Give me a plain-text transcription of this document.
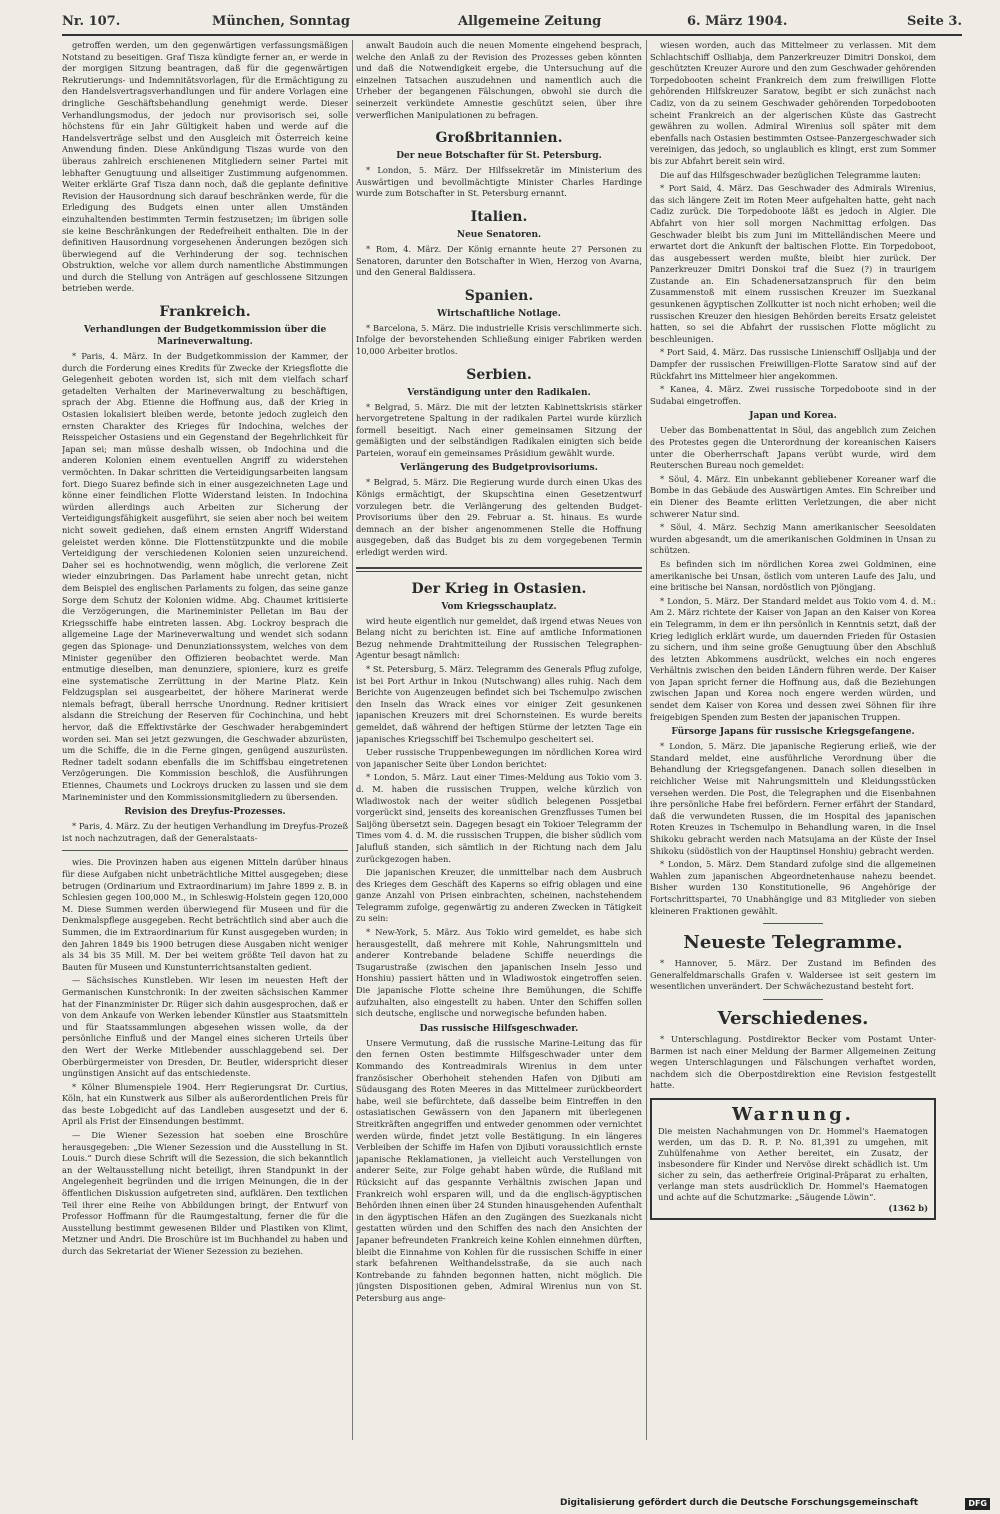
Nr. 107.	München, Sonntag	Allgemeine Zeitung	6. März 1904.	Seite 3.

getroffen werden, um den gegenwärtigen verfassungsmäßigen Notstand zu beseitigen. Graf Tisza kündigte ferner an, er werde in der morgigen Sitzung beantragen, daß für die gegenwärtigen Rekrutierungs- und Indemnitätsvorlagen, für die Ermächtigung zu den Handelsvertragsverhandlungen und für andere Vorlagen eine dringliche Geschäftsbehandlung genehmigt werde. Dieser Verhandlungsmodus, der jedoch nur provisorisch sei, solle höchstens für ein Jahr Gültigkeit haben und werde auf die Handelsverträge selbst und den Ausgleich mit Österreich keine Anwendung finden. Diese Ankündigung Tiszas wurde von den überaus zahlreich erschienenen Mitgliedern seiner Partei mit lebhafter Genugtuung und allseitiger Zustimmung aufgenommen. Weiter erklärte Graf Tisza dann noch, daß die geplante definitive Revision der Hausordnung sich darauf beschränken werde, für die Erledigung des Budgets einen unter allen Umständen einzuhaltenden bestimmten Termin festzusetzen; im übrigen solle sie keine Beschränkungen der Redefreiheit enthalten. Die in der definitiven Hausordnung vorgesehenen Änderungen bezögen sich überwiegend auf die Verhinderung der sog. technischen Obstruktion, welche vor allem durch namentliche Abstimmungen und durch die Stellung von Anträgen auf geschlossene Sitzungen betrieben werde.

Frankreich.
Verhandlungen der Budgetkommission über die Marineverwaltung.

* Paris, 4. März. In der Budgetkommission der Kammer, der durch die Forderung eines Kredits für Zwecke der Kriegsflotte die Gelegenheit geboten worden ist, sich mit dem vielfach scharf getadelten Verhalten der Marineverwaltung zu beschäftigen, sprach der Abg. Etienne die Hoffnung aus, daß der Krieg in Ostasien lokalisiert bleiben werde, betonte jedoch zugleich den ernsten Charakter des Krieges für Indochina, welches der Reisspeicher Ostasiens und ein Gegenstand der Begehrlichkeit für Japan sei; man müsse deshalb wissen, ob Indochina und die anderen Kolonien einem eventuellen Angriff zu widerstehen vermöchten. In Dakar schritten die Verteidigungsarbeiten langsam fort. Diego Suarez befinde sich in einer ausgezeichneten Lage und könne einer feindlichen Flotte Widerstand leisten. In Indochina würden allerdings auch Arbeiten zur Sicherung der Verteidigungsfähigkeit ausgeführt, sie seien aber noch bei weitem nicht soweit gediehen, daß einem ernsten Angriff Widerstand geleistet werden könne. Die Flottenstützpunkte und die mobile Verteidigung der verschiedenen Kolonien seien unzureichend. Daher sei es hochnotwendig, wenn möglich, die verlorene Zeit wieder einzubringen. Das Parlament habe unrecht getan, nicht dem Beispiel des englischen Parlaments zu folgen, das seine ganze Sorge dem Schutz der Kolonien widme. Abg. Chaumet kritisierte die Verzögerungen, die Marineminister Pelletan im Bau der Kriegsschiffe habe eintreten lassen. Abg. Lockroy besprach die allgemeine Lage der Marineverwaltung und wendet sich sodann gegen das Spionage- und Denunziationssystem, welches von dem Minister gegenüber den Offizieren beobachtet werde. Man entmutige dieselben, man denunziere, spioniere, kurz es greife eine systematische Zerrüttung in der Marine Platz. Kein Feldzugsplan sei ausgearbeitet, der höhere Marinerat werde niemals befragt, überall herrsche Unordnung. Redner kritisiert alsdann die Streichung der Reserven für Cochinchina, und hebt hervor, daß die Effektivstärke der Geschwader herabgemindert worden sei. Man sei jetzt gezwungen, die Geschwader abzurüsten, um die Schiffe, die in die Ferne gingen, genügend auszurüsten. Redner tadelt sodann ebenfalls die im Schiffsbau eingetretenen Verzögerungen. Die Kommission beschloß, die Ausführungen Etiennes, Chaumets und Lockroys drucken zu lassen und sie dem Marineminister und den Kommissionsmitgliedern zu übersenden.

Revision des Dreyfus-Prozesses.

* Paris, 4. März. Zu der heutigen Verhandlung im Dreyfus-Prozeß ist noch nachzutragen, daß der Generalstaats-

wies. Die Provinzen haben aus eigenen Mitteln darüber hinaus für diese Aufgaben nicht unbeträchtliche Mittel ausgegeben; diese betrugen (Ordinarium und Extraordinarium) im Jahre 1899 z. B. in Schlesien gegen 100,000 M., in Schleswig-Holstein gegen 120,000 M. Diese Summen werden überwiegend für Museen und für die Denkmalspflege ausgegeben. Recht beträchtlich sind aber auch die Summen, die im Extraordinarium für Kunst ausgegeben wurden; in den Jahren 1849 bis 1900 betrugen diese Ausgaben nicht weniger als 34 bis 35 Mill. M. Der bei weitem größte Teil davon hat zu Bauten für Museen und Kunstunterrichtsanstalten gedient.

— Sächsisches Kunstleben. Wir lesen im neuesten Heft der Germanischen Kunstchronik: In der zweiten sächsischen Kammer hat der Finanzminister Dr. Rüger sich dahin ausgesprochen, daß er von dem Ankaufe von Werken lebender Künstler aus Staatsmitteln und für Staatssammlungen abgesehen wissen wolle, da der persönliche Einfluß und der Mangel eines sicheren Urteils über den Wert der Werke Mitlebender ausschlaggebend sei. Der Oberbürgermeister von Dresden, Dr. Beutler, widerspricht dieser ungünstigen Ansicht auf das entschiedenste.

* Kölner Blumenspiele 1904. Herr Regierungsrat Dr. Curtius, Köln, hat ein Kunstwerk aus Silber als außerordentlichen Preis für das beste Lobgedicht auf das Landleben ausgesetzt und der 6. April als Frist der Einsendungen bestimmt.

— Die Wiener Sezession hat soeben eine Broschüre herausgegeben: „Die Wiener Sezession und die Ausstellung in St. Louis.“ Durch diese Schrift will die Sezession, die sich bekanntlich an der Weltausstellung nicht beteiligt, ihren Standpunkt in der Angelegenheit begründen und die irrigen Meinungen, die in der öffentlichen Diskussion aufgetreten sind, aufklären. Den textlichen Teil ihrer eine Reihe von Abbildungen bringt, der Entwurf von Professor Hoffmann für die Raumgestaltung, ferner die für die Ausstellung bestimmt gewesenen Bilder und Plastiken von Klimt, Metzner und Andri. Die Broschüre ist im Buchhandel zu haben und durch das Sekretariat der Wiener Sezession zu beziehen.

anwalt Baudoin auch die neuen Momente eingehend besprach, welche den Anlaß zu der Revision des Prozesses geben könnten und daß die Notwendigkeit ergebe, die Untersuchung auf die einzelnen Tatsachen auszudehnen und namentlich auch die Urheber der begangenen Fälschungen, obwohl sie durch die seinerzeit verkündete Amnestie geschützt seien, über ihre verwerflichen Manipulationen zu befragen.

Großbritannien.
Der neue Botschafter für St. Petersburg.

* London, 5. März. Der Hilfssekretär im Ministerium des Auswärtigen und bevollmächtigte Minister Charles Hardinge wurde zum Botschafter in St. Petersburg ernannt.

Italien.
Neue Senatoren.

* Rom, 4. März. Der König ernannte heute 27 Personen zu Senatoren, darunter den Botschafter in Wien, Herzog von Avarna, und den General Baldissera.

Spanien.
Wirtschaftliche Notlage.

* Barcelona, 5. März. Die industrielle Krisis verschlimmerte sich. Infolge der bevorstehenden Schließung einiger Fabriken werden 10,000 Arbeiter brotlos.

Serbien.
Verständigung unter den Radikalen.

* Belgrad, 5. März. Die mit der letzten Kabinettskrisis stärker hervorgetretene Spaltung in der radikalen Partei wurde kürzlich formell beseitigt. Nach einer gemeinsamen Sitzung der gemäßigten und der selbständigen Radikalen einigten sich beide Parteien, worauf ein gemeinsames Präsidium gewählt wurde.

Verlängerung des Budgetprovisoriums.

* Belgrad, 5. März. Die Regierung wurde durch einen Ukas des Königs ermächtigt, der Skupschtina einen Gesetzentwurf vorzulegen betr. die Verlängerung des geltenden Budget-Provisoriums über den 29. Februar a. St. hinaus. Es wurde demnach an der bisher angenommenen Stelle die Hoffnung ausgegeben, daß das Budget bis zu dem vorgegebenen Termin erledigt werden wird.

Der Krieg in Ostasien.
Vom Kriegsschauplatz.

wird heute eigentlich nur gemeldet, daß irgend etwas Neues von Belang nicht zu berichten ist. Eine auf amtliche Informationen Bezug nehmende Drahtmitteilung der Russischen Telegraphen-Agentur besagt nämlich:

* St. Petersburg, 5. März. Telegramm des Generals Pflug zufolge, ist bei Port Arthur in Inkou (Nutschwang) alles ruhig. Nach dem Berichte von Augenzeugen befindet sich bei Tschemulpo zwischen den Inseln das Wrack eines vor einiger Zeit gesunkenen japanischen Kreuzers mit drei Schornsteinen. Es wurde bereits gemeldet, daß während der heftigen Stürme der letzten Tage ein japanisches Kriegsschiff bei Tschemulpo gescheitert sei.

Ueber russische Truppenbewegungen im nördlichen Korea wird von japanischer Seite über London berichtet:

* London, 5. März. Laut einer Times-Meldung aus Tokio vom 3. d. M. haben die russischen Truppen, welche kürzlich von Wladiwostok nach der weiter südlich belegenen Possjetbai vorgerückt sind, jenseits des koreanischen Grenzflusses Tumen bei Saijöng übersetzt sein. Dagegen besagt ein Tokioer Telegramm der Times vom 4. d. M. die russischen Truppen, die bisher südlich vom Jalufluß standen, sich sämtlich in der Richtung nach dem Jalu zurückgezogen haben.

Die japanischen Kreuzer, die unmittelbar nach dem Ausbruch des Krieges dem Geschäft des Kaperns so eifrig oblagen und eine ganze Anzahl von Prisen einbrachten, scheinen, nachstehendem Telegramm zufolge, gegenwärtig zu anderen Zwecken in Tätigkeit zu sein:

* New-York, 5. März. Aus Tokio wird gemeldet, es habe sich herausgestellt, daß mehrere mit Kohle, Nahrungsmitteln und anderer Kontrebande beladene Schiffe neuerdings die Tsugarustraße (zwischen den japanischen Inseln Jesso und Honshiu) passiert hätten und in Wladiwostok eingetroffen seien. Die japanische Flotte scheine ihre Bemühungen, die Schiffe aufzuhalten, also eingestellt zu haben. Unter den Schiffen sollen sich deutsche, englische und norwegische befunden haben.

Das russische Hilfsgeschwader.

Unsere Vermutung, daß die russische Marine-Leitung das für den fernen Osten bestimmte Hilfsgeschwader unter dem Kommando des Kontreadmirals Wirenius in dem unter französischer Oberhoheit stehenden Hafen von Djibuti am Südausgang des Roten Meeres in das Mittelmeer zurückbeordert habe, weil sie befürchtete, daß dasselbe beim Eintreffen in den ostasiatischen Gewässern von den Japanern mit überlegenen Streitkräften angegriffen und entweder genommen oder vernichtet werden würde, findet jetzt volle Bestätigung. In ein längeres Verbleiben der Schiffe im Hafen von Djibuti voraussichtlich ernste japanische Reklamationen, ja vielleicht auch Verstellungen von anderer Seite, zur Folge gehabt haben würde, die Rußland mit Rücksicht auf das gespannte Verhältnis zwischen Japan und Frankreich wohl ersparen will, und da die englisch-ägyptischen Behörden ihnen einen über 24 Stunden hinausgehenden Aufenthalt in den ägyptischen Häfen an den Zugängen des Suezkanals nicht gestatten würden und den Schiffen des nach den Ansichten der Japaner befreundeten Frankreich keine Kohlen einnehmen dürften, bleibt die Einnahme von Kohlen für die russischen Schiffe in einer stark befahrenen Welthandelsstraße, da sie auch nach Kontrebande zu fahnden begonnen hatten, nicht möglich. Die jüngsten Dispositionen geben, Admiral Wirenius nun von St. Petersburg aus ange-

wiesen worden, auch das Mittelmeer zu verlassen. Mit dem Schlachtschiff Oslliabja, dem Panzerkreuzer Dimitri Donskoi, dem geschützten Kreuzer Aurore und den zum Geschwader gehörenden Torpedobooten scheint Frankreich dem zum freiwilligen Flotte gehörenden Hilfskreuzer Saratow, begibt er sich zunächst nach Cadiz, von da zu seinem Geschwader gehörenden Torpedobooten scheint Frankreich an der algerischen Küste das Gastrecht gewähren zu wollen. Admiral Wirenius soll später mit dem ebenfalls nach Ostasien bestimmten Ostsee-Panzergeschwader sich vereinigen, das jedoch, so unglaublich es klingt, erst zum Sommer bis zur Abfahrt bereit sein wird.

Die auf das Hilfsgeschwader bezüglichen Telegramme lauten:

* Port Said, 4. März. Das Geschwader des Admirals Wirenius, das sich längere Zeit im Roten Meer aufgehalten hatte, geht nach Cadiz zurück. Die Torpedoboote läßt es jedoch in Algier. Die Abfahrt von hier soll morgen Nachmittag erfolgen. Das Geschwader bleibt bis zum Juni im Mittelländischen Meere und erwartet dort die Ankunft der baltischen Flotte. Ein Torpedoboot, das ausgebessert werden mußte, bleibt hier zurück. Der Panzerkreuzer Dmitri Donskoi traf die Suez (?) in traurigem Zustande an. Ein Schadenersatzanspruch für den beim Zusammenstoß mit einem russischen Kreuzer im Suezkanal gesunkenen ägyptischen Zollkutter ist noch nicht erhoben; weil die russischen Kreuzer den hiesigen Behörden bereits Ersatz geleistet hatten, so sei die Abfahrt der russischen Flotte möglicht zu beschleunigen.

* Port Said, 4. März. Das russische Linienschiff Oslljabja und der Dampfer der russischen Freiwilligen-Flotte Saratow sind auf der Rückfahrt ins Mittelmeer hier angekommen.

* Kanea, 4. März. Zwei russische Torpedoboote sind in der Sudabai eingetroffen.

Japan und Korea.

Ueber das Bombenattentat in Söul, das angeblich zum Zeichen des Protestes gegen die Unterordnung der koreanischen Kaisers unter die Oberherrschaft Japans verübt wurde, wird dem Reuterschen Bureau noch gemeldet:

* Söul, 4. März. Ein unbekannt gebliebener Koreaner warf die Bombe in das Gebäude des Auswärtigen Amtes. Ein Schreiber und ein Diener des Beamte erlitten Verletzungen, die aber nicht schwerer Natur sind.

* Söul, 4. März. Sechzig Mann amerikanischer Seesoldaten wurden abgesandt, um die amerikanischen Goldminen in Unsan zu schützen.

Es befinden sich im nördlichen Korea zwei Goldminen, eine amerikanische bei Unsan, östlich vom unteren Laufe des Jalu, und eine britische bei Nansan, nordöstlich von Pjöngjang.

* London, 5. März. Der Standard meldet aus Tokio vom 4. d. M.: Am 2. März richtete der Kaiser von Japan an den Kaiser von Korea ein Telegramm, in dem er ihn persönlich in Kenntnis setzt, daß der Krieg lediglich erklärt wurde, um dauernden Frieden für Ostasien zu sichern, und ihm seine große Genugtuung über den Abschluß des letzten Abkommens ausdrückt, welches ein noch engeres Verhältnis zwischen den beiden Ländern führen werde. Der Kaiser von Japan spricht ferner die Hoffnung aus, daß die Beziehungen zwischen Japan und Korea noch engere werden würden, und sendet dem Kaiser von Korea und dessen zwei Söhnen für ihre freigebigen Spenden zum Besten der japanischen Truppen.

Fürsorge Japans für russische Kriegsgefangene.

* London, 5. März. Die japanische Regierung erließ, wie der Standard meldet, eine ausführliche Verordnung über die Behandlung der Kriegsgefangenen. Danach sollen dieselben in reichlicher Weise mit Nahrungsmitteln und Kleidungsstücken versehen werden. Die Post, die Telegraphen und die Eisenbahnen ihre persönliche Habe frei befördern. Ferner erfährt der Standard, daß die verwundeten Russen, die im Hospital des japanischen Roten Kreuzes in Tschemulpo in Behandlung waren, in die Insel Shikoku gebracht werden nach Matsujama an der Küste der Insel Shikoku (südöstlich von der Hauptinsel Honshiu) gebracht werden.

* London, 5. März. Dem Standard zufolge sind die allgemeinen Wahlen zum japanischen Abgeordnetenhause nahezu beendet. Bisher wurden 130 Konstitutionelle, 96 Angehörige der Fortschrittspartei, 70 Unabhängige und 83 Mitglieder von sieben kleineren Fraktionen gewählt.

Neueste Telegramme.

* Hannover, 5. März. Der Zustand im Befinden des Generalfeldmarschalls Grafen v. Waldersee ist seit gestern im wesentlichen unverändert. Der Schwächezustand besteht fort.

Verschiedenes.

* Unterschlagung. Postdirektor Becker vom Postamt Unter-Barmen ist nach einer Meldung der Barmer Allgemeinen Zeitung wegen Unterschlagungen und Fälschungen verhaftet worden, nachdem sich die Oberpostdirektion eine Revision festgestellt hatte.

Warnung.
Die meisten Nachahmungen von Dr. Hommel's Haematogen werden, um das D. R. P. No. 81,391 zu umgehen, mit Zuhülfenahme von Aether bereitet, ein Zusatz, der insbesondere für Kinder und Nervöse direkt schädlich ist. Um sicher zu sein, das aetherfreie Original-Präparat zu erhalten, verlange man stets ausdrücklich Dr. Hommel's Haematogen und achte auf die Schutzmarke: „Säugende Löwin“.
(1362 b)
Digitalisierung gefördert durch die Deutsche Forschungsgemeinschaft	DFG
